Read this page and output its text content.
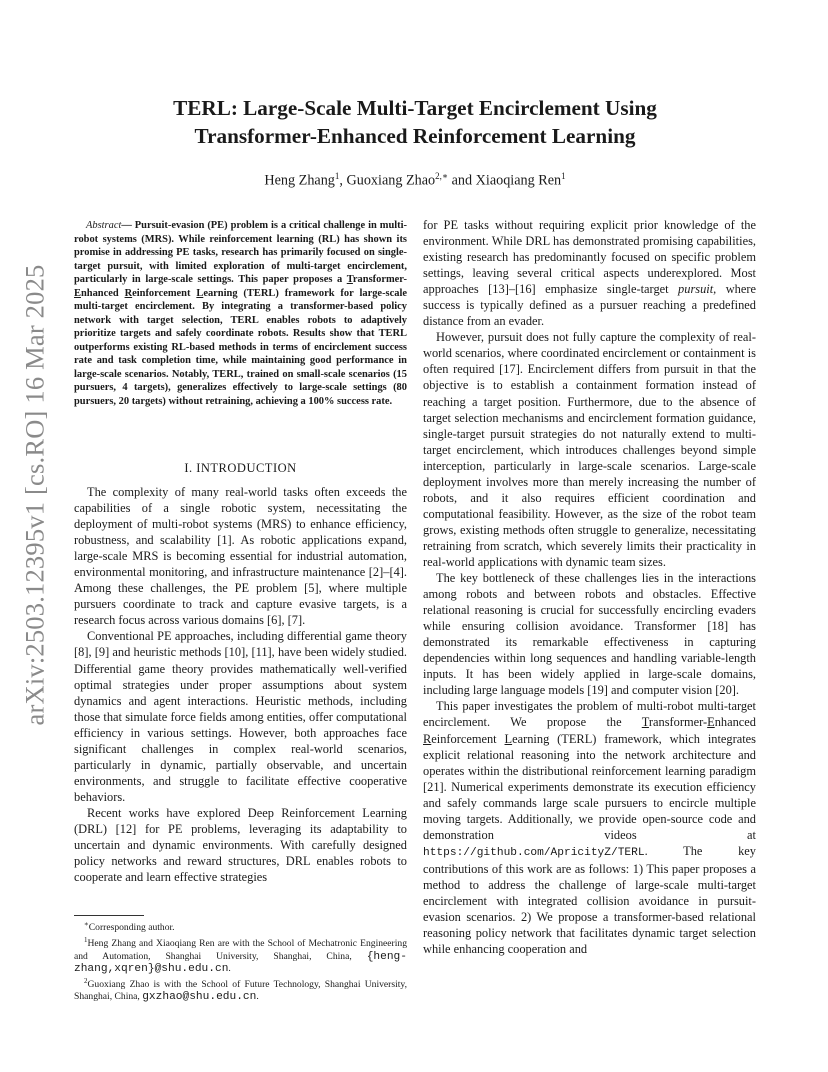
arXiv:2503.12395v1 [cs.RO] 16 Mar 2025
TERL: Large-Scale Multi-Target Encirclement Using
Transformer-Enhanced Reinforcement Learning
Heng Zhang$^1$, Guoxiang Zhao$^{2,∗}$ and Xiaoqiang Ren$^1$

Abstract— Pursuit-evasion (PE) problem is a critical challenge in multi-robot systems (MRS). While reinforcement learning (RL) has shown its promise in addressing PE tasks, research has primarily focused on single-target pursuit, with limited exploration of multi-target encirclement, particularly in large-scale settings. This paper proposes a Transformer-Enhanced Reinforcement Learning (TERL) framework for large-scale multi-target encirclement. By integrating a transformer-based policy network with target selection, TERL enables robots to adaptively prioritize targets and safely coordinate robots. Results show that TERL outperforms existing RL-based methods in terms of encirclement success rate and task completion time, while maintaining good performance in large-scale scenarios. Notably, TERL, trained on small-scale scenarios (15 pursuers, 4 targets), generalizes effectively to large-scale settings (80 pursuers, 20 targets) without retraining, achieving a 100% success rate.

I. INTRODUCTION

The complexity of many real-world tasks often exceeds the capabilities of a single robotic system, necessitating the deployment of multi-robot systems (MRS) to enhance efficiency, robustness, and scalability [1]. As robotic applications expand, large-scale MRS is becoming essential for industrial automation, environmental monitoring, and infrastructure maintenance [2]–[4]. Among these challenges, the PE problem [5], where multiple pursuers coordinate to track and capture evasive targets, is a research focus across various domains [6], [7].

Conventional PE approaches, including differential game theory [8], [9] and heuristic methods [10], [11], have been widely studied. Differential game theory provides mathematically well-verified optimal strategies under proper assumptions about system dynamics and agent interactions. Heuristic methods, including those that simulate force fields among entities, offer computational efficiency in various settings. However, both approaches face significant challenges in complex real-world scenarios, particularly in dynamic, partially observable, and uncertain environments, and struggle to facilitate effective cooperative behaviors.

Recent works have explored Deep Reinforcement Learning (DRL) [12] for PE problems, leveraging its adaptability to uncertain and dynamic environments. With carefully designed policy networks and reward structures, DRL enables robots to cooperate and learn effective strategies

∗Corresponding author.

$^1$Heng Zhang and Xiaoqiang Ren are with the School of Mechatronic Engineering and Automation, Shanghai University, Shanghai, China, {heng-zhang,xqren}@shu.edu.cn.

$^2$Guoxiang Zhao is with the School of Future Technology, Shanghai University, Shanghai, China, gxzhao@shu.edu.cn.

for PE tasks without requiring explicit prior knowledge of the environment. While DRL has demonstrated promising capabilities, existing research has predominantly focused on specific problem settings, leaving several critical aspects underexplored. Most approaches [13]–[16] emphasize single-target pursuit, where success is typically defined as a pursuer reaching a predefined distance from an evader.

However, pursuit does not fully capture the complexity of real-world scenarios, where coordinated encirclement or containment is often required [17]. Encirclement differs from pursuit in that the objective is to establish a containment formation instead of reaching a target position. Furthermore, due to the absence of target selection mechanisms and encirclement formation guidance, single-target pursuit strategies do not naturally extend to multi-target encirclement, which introduces challenges beyond simple interception, particularly in large-scale scenarios. Large-scale deployment involves more than merely increasing the number of robots, and it also requires efficient coordination and computational feasibility. However, as the size of the robot team grows, existing methods often struggle to generalize, necessitating retraining from scratch, which severely limits their practicality in real-world applications with dynamic team sizes.

The key bottleneck of these challenges lies in the interactions among robots and between robots and obstacles. Effective relational reasoning is crucial for successfully encircling evaders while ensuring collision avoidance. Transformer [18] has demonstrated its remarkable effectiveness in capturing dependencies within long sequences and handling variable-length inputs. It has been widely applied in large-scale domains, including large language models [19] and computer vision [20].

This paper investigates the problem of multi-robot multi-target encirclement. We propose the Transformer-Enhanced Reinforcement Learning (TERL) framework, which integrates explicit relational reasoning into the network architecture and operates within the distributional reinforcement learning paradigm [21]. Numerical experiments demonstrate its execution efficiency and safely commands large scale pursuers to encircle multiple moving targets. Additionally, we provide open-source code and demonstration videos at https://github.com/ApricityZ/TERL. The key contributions of this work are as follows: 1) This paper proposes a method to address the challenge of large-scale multi-target encirclement with integrated collision avoidance in pursuit-evasion scenarios. 2) We propose a transformer-based relational reasoning policy network that facilitates dynamic target selection while enhancing cooperation and
